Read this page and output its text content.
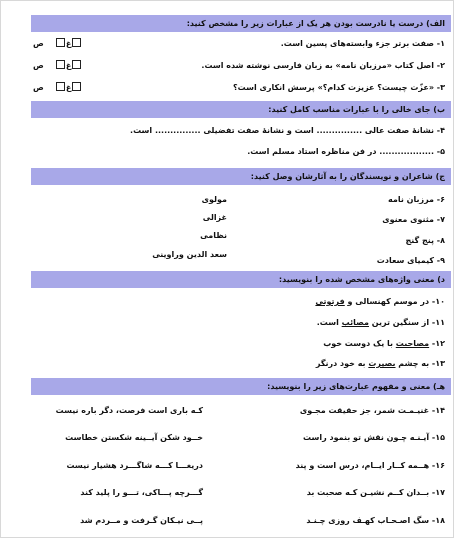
الف) درست یا نادرست بودن هر یک از عبارات زیر را مشخص کنید:
۱- صفت برتر جزء وابسته‌های پسین است.
غ    ص
۲- اصل کتاب «مرزبان نامه» به زبان فارسی نوشته شده است.
غ    ص
۳- «عزّت چیست؟ عزیزت کدام؟» پرسش انکاری است؟
غ    ص
ب) جای خالی را با عبارات مناسب کامل کنید:
۴- نشانهٔ صفت عالی ............... است و نشانهٔ صفت تفضیلی ............... است.
۵- .................. در فن مناظره استاد مسلم است.
ج) شاعران و نویسندگان را به آثارشان وصل کنید:
۶- مرزبان نامه
۷- مثنوی معنوی
۸- پنج گنج
۹- کیمیای سعادت
مولوی
غزالی
نظامی
سعد الدین وراوینی
د) معنی واژه‌های مشخص شده را بنویسید:
۱۰- در موسم کهنسالی و فرتوتی
۱۱- از سنگین ترین مصائب است.
۱۲- مصاحبت با یک دوست خوب
۱۳- به چشم بصیرت به خود درنگر
هـ) معنی و مفهوم عبارت‌های زیر را بنویسید:
۱۴- غنیـمـت شمر، جز حقیقت مجـوی
کـه باری است فرصت، دگر باره نیست
۱۵- آیـنـه چـون نقش تو بنمود راست
خــود شکن آیــینه شکستن خطاست
۱۶- هــمه کــار ایــام، درس است و پند
دریغـــا کـــه شاگـــرد هشیار نیست
۱۷- بــدان کــم نشیـن کـه صحبت بد
گـــرچه پـــاکی، تـــو را پلید کند
۱۸- سگ اصـحـاب کهـف روزی چـنـد
پــی نیـکان گـرفت و مــردم شد
